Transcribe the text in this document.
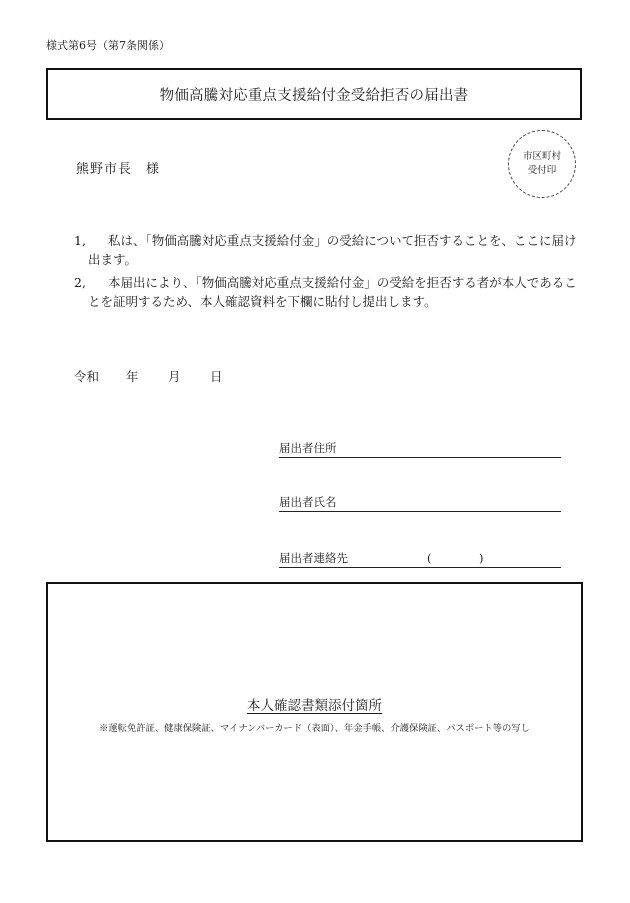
様式第6号（第7条関係）
物価高騰対応重点支援給付金受給拒否の届出書
熊野市長　様
市区町村
受付印
1,	私は、「物価高騰対応重点支援給付金」の受給について拒否することを、ここに届け出ます。
2,	本届出により、「物価高騰対応重点支援給付金」の受給を拒否する者が本人であることを証明するため、本人確認資料を下欄に貼付し提出します。
令和	年	月	日
届出者住所
届出者氏名
届出者連絡先	(	)
本人確認書類添付箇所
※運転免許証、健康保険証、マイナンバーカード（表面）、年金手帳、介護保険証、パスポート等の写し
